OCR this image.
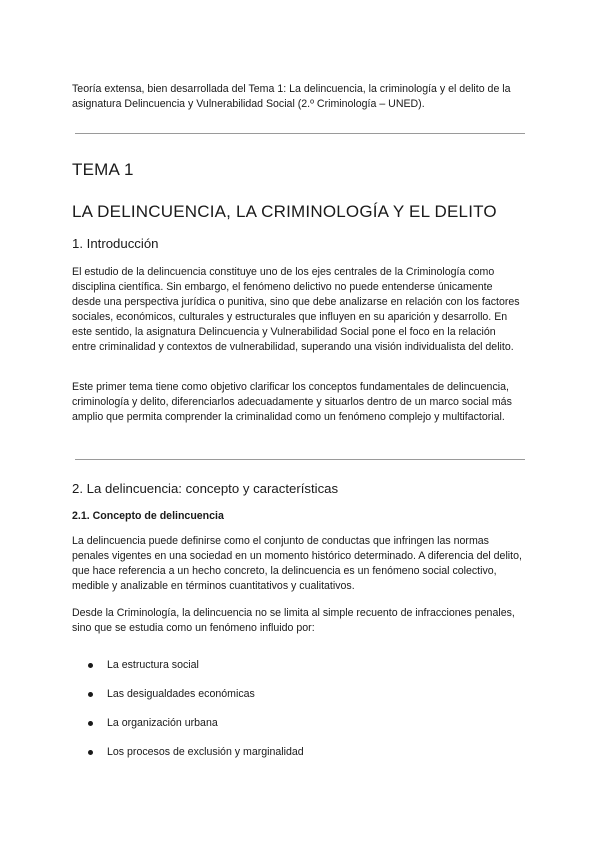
Teoría extensa, bien desarrollada del Tema 1: La delincuencia, la criminología y el delito de la asignatura Delincuencia y Vulnerabilidad Social (2.º Criminología – UNED).

TEMA 1
LA DELINCUENCIA, LA CRIMINOLOGÍA Y EL DELITO
1. Introducción

El estudio de la delincuencia constituye uno de los ejes centrales de la Criminología como disciplina científica. Sin embargo, el fenómeno delictivo no puede entenderse únicamente desde una perspectiva jurídica o punitiva, sino que debe analizarse en relación con los factores sociales, económicos, culturales y estructurales que influyen en su aparición y desarrollo. En este sentido, la asignatura Delincuencia y Vulnerabilidad Social pone el foco en la relación entre criminalidad y contextos de vulnerabilidad, superando una visión individualista del delito.

Este primer tema tiene como objetivo clarificar los conceptos fundamentales de delincuencia, criminología y delito, diferenciarlos adecuadamente y situarlos dentro de un marco social más amplio que permita comprender la criminalidad como un fenómeno complejo y multifactorial.

2. La delincuencia: concepto y características
2.1. Concepto de delincuencia

La delincuencia puede definirse como el conjunto de conductas que infringen las normas penales vigentes en una sociedad en un momento histórico determinado. A diferencia del delito, que hace referencia a un hecho concreto, la delincuencia es un fenómeno social colectivo, medible y analizable en términos cuantitativos y cualitativos.

Desde la Criminología, la delincuencia no se limita al simple recuento de infracciones penales, sino que se estudia como un fenómeno influido por:

La estructura social
Las desigualdades económicas
La organización urbana
Los procesos de exclusión y marginalidad
